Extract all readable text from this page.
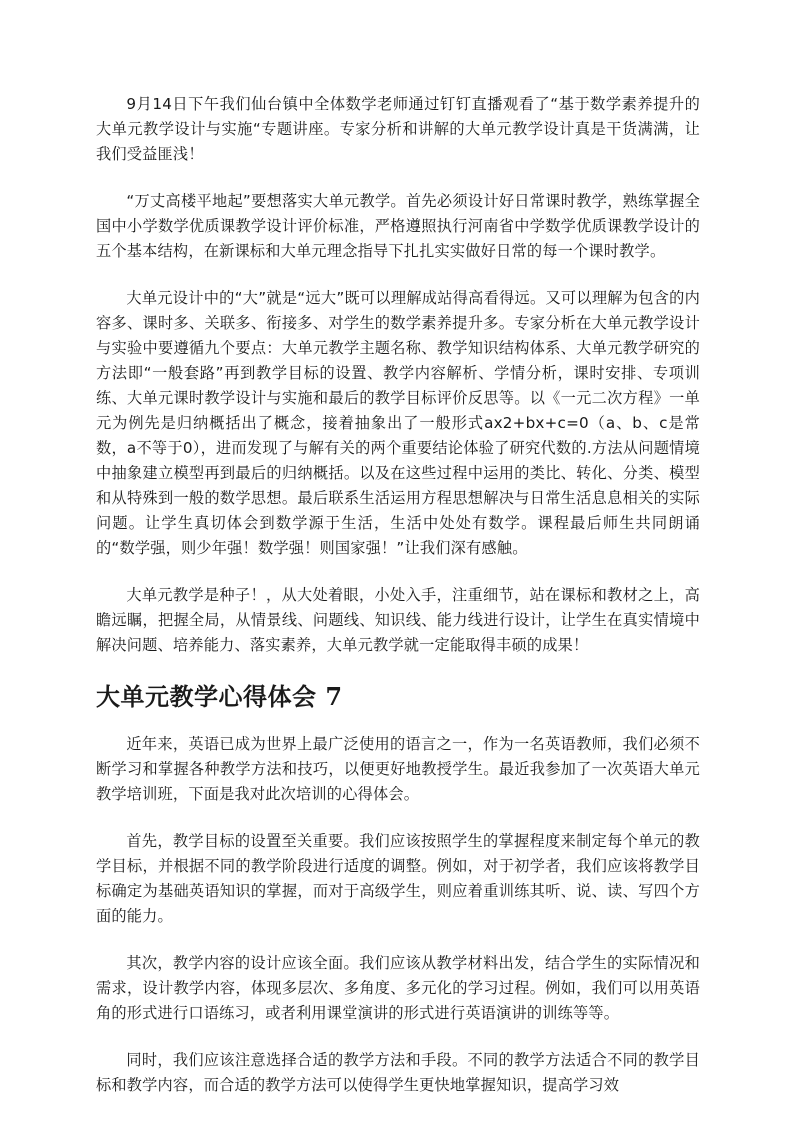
9月14日下午我们仙台镇中全体数学老师通过钉钉直播观看了“基于数学素养提升的大单元教学设计与实施“专题讲座。专家分析和讲解的大单元教学设计真是干货满满，让我们受益匪浅！

“万丈高楼平地起”要想落实大单元教学。首先必须设计好日常课时教学，熟练掌握全国中小学数学优质课教学设计评价标准，严格遵照执行河南省中学数学优质课教学设计的五个基本结构，在新课标和大单元理念指导下扎扎实实做好日常的每一个课时教学。

大单元设计中的“大”就是“远大”既可以理解成站得高看得远。又可以理解为包含的内容多、课时多、关联多、衔接多、对学生的数学素养提升多。专家分析在大单元教学设计与实验中要遵循九个要点：大单元教学主题名称、教学知识结构体系、大单元教学研究的方法即“一般套路”再到教学目标的设置、教学内容解析、学情分析，课时安排、专项训练、大单元课时教学设计与实施和最后的教学目标评价反思等。以《一元二次方程》一单元为例先是归纳概括出了概念，接着抽象出了一般形式ax2+bx+c=0（a、b、c是常数，a不等于0），进而发现了与解有关的两个重要结论体验了研究代数的.方法从问题情境中抽象建立模型再到最后的归纳概括。以及在这些过程中运用的类比、转化、分类、模型和从特殊到一般的数学思想。最后联系生活运用方程思想解决与日常生活息息相关的实际问题。让学生真切体会到数学源于生活，生活中处处有数学。课程最后师生共同朗诵的“数学强，则少年强！数学强！则国家强！”让我们深有感触。

大单元教学是种子！，从大处着眼，小处入手，注重细节，站在课标和教材之上，高瞻远瞩，把握全局，从情景线、问题线、知识线、能力线进行设计，让学生在真实情境中解决问题、培养能力、落实素养，大单元教学就一定能取得丰硕的成果！

大单元教学心得体会 7

近年来，英语已成为世界上最广泛使用的语言之一，作为一名英语教师，我们必须不断学习和掌握各种教学方法和技巧，以便更好地教授学生。最近我参加了一次英语大单元教学培训班，下面是我对此次培训的心得体会。

首先，教学目标的设置至关重要。我们应该按照学生的掌握程度来制定每个单元的教学目标，并根据不同的教学阶段进行适度的调整。例如，对于初学者，我们应该将教学目标确定为基础英语知识的掌握，而对于高级学生，则应着重训练其听、说、读、写四个方面的能力。

其次，教学内容的设计应该全面。我们应该从教学材料出发，结合学生的实际情况和需求，设计教学内容，体现多层次、多角度、多元化的学习过程。例如，我们可以用英语角的形式进行口语练习，或者利用课堂演讲的形式进行英语演讲的训练等等。

同时，我们应该注意选择合适的教学方法和手段。不同的教学方法适合不同的教学目标和教学内容，而合适的教学方法可以使得学生更快地掌握知识，提高学习效
